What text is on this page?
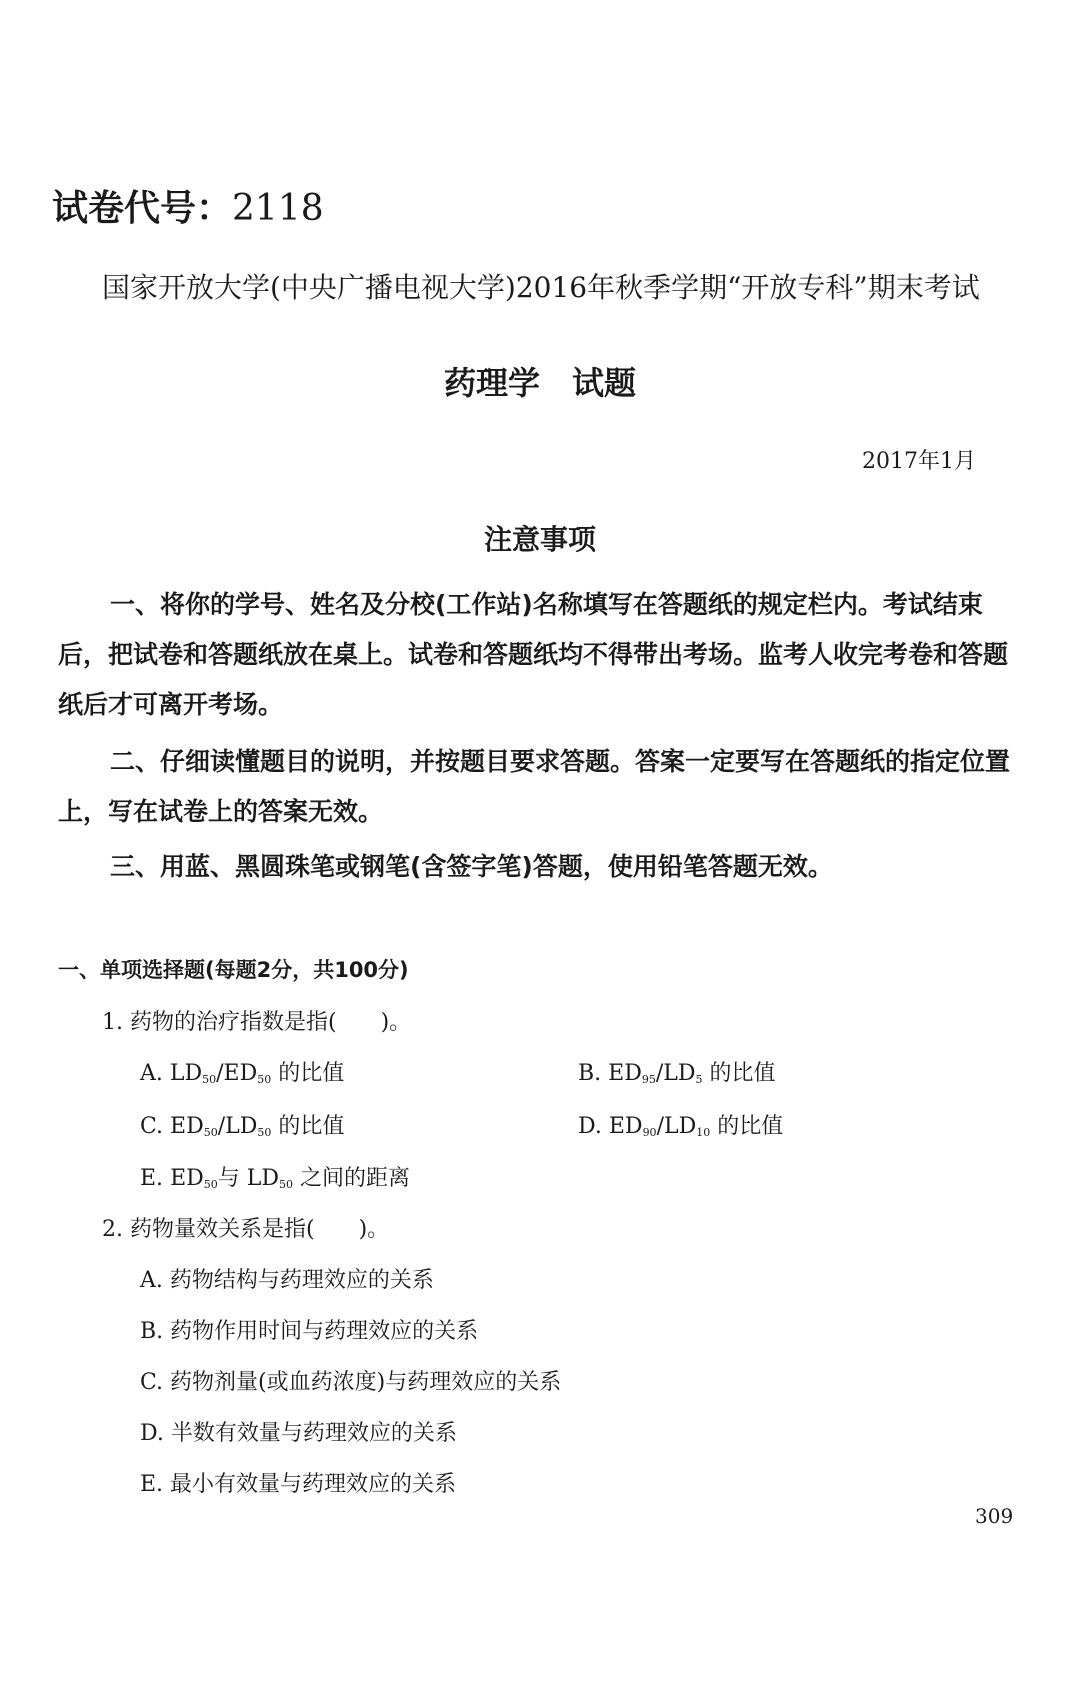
试卷代号：2118
国家开放大学(中央广播电视大学)2016年秋季学期“开放专科”期末考试
药理学　试题
2017年1月
注意事项
一、将你的学号、姓名及分校(工作站)名称填写在答题纸的规定栏内。考试结束后，把试卷和答题纸放在桌上。试卷和答题纸均不得带出考场。监考人收完考卷和答题纸后才可离开考场。
二、仔细读懂题目的说明，并按题目要求答题。答案一定要写在答题纸的指定位置上，写在试卷上的答案无效。
三、用蓝、黑圆珠笔或钢笔(含签字笔)答题，使用铅笔答题无效。
一、单项选择题(每题2分，共100分)
1. 药物的治疗指数是指(　　)。
A. $LD_{50}/ED_{50}$ 的比值	B. $ED_{95}/LD_5$ 的比值
C. $ED_{50}/LD_{50}$ 的比值	D. $ED_{90}/LD_{10}$ 的比值
E. $ED_{50}$与 $LD_{50}$ 之间的距离
2. 药物量效关系是指(　　)。
A. 药物结构与药理效应的关系
B. 药物作用时间与药理效应的关系
C. 药物剂量(或血药浓度)与药理效应的关系
D. 半数有效量与药理效应的关系
E. 最小有效量与药理效应的关系
309
